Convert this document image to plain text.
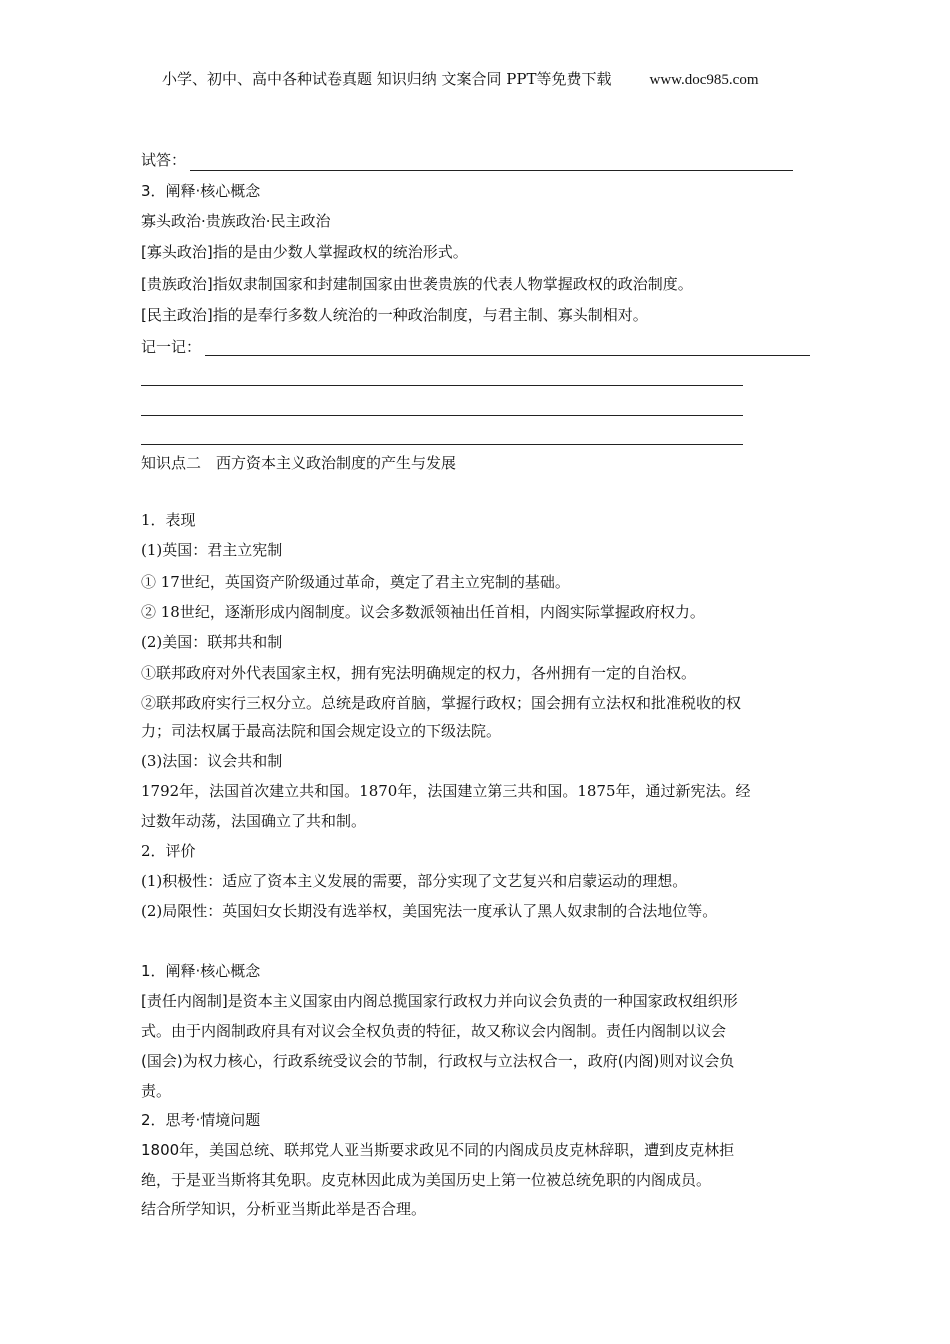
小学、初中、高中各种试卷真题 知识归纳 文案合同 PPT等免费下载	www.doc985.com
试答：
3．阐释·核心概念
寡头政治·贵族政治·民主政治
[寡头政治]指的是由少数人掌握政权的统治形式。
[贵族政治]指奴隶制国家和封建制国家由世袭贵族的代表人物掌握政权的政治制度。
[民主政治]指的是奉行多数人统治的一种政治制度，与君主制、寡头制相对。
记一记：
知识点二　西方资本主义政治制度的产生与发展
1．表现
(1)英国：君主立宪制
① 17世纪，英国资产阶级通过革命，奠定了君主立宪制的基础。
② 18世纪，逐渐形成内阁制度。议会多数派领袖出任首相，内阁实际掌握政府权力。
(2)美国：联邦共和制
①联邦政府对外代表国家主权，拥有宪法明确规定的权力，各州拥有一定的自治权。
②联邦政府实行三权分立。总统是政府首脑，掌握行政权；国会拥有立法权和批准税收的权
力；司法权属于最高法院和国会规定设立的下级法院。
(3)法国：议会共和制
1792年，法国首次建立共和国。1870年，法国建立第三共和国。1875年，通过新宪法。经
过数年动荡，法国确立了共和制。
2．评价
(1)积极性：适应了资本主义发展的需要，部分实现了文艺复兴和启蒙运动的理想。
(2)局限性：英国妇女长期没有选举权，美国宪法一度承认了黑人奴隶制的合法地位等。
1．阐释·核心概念
[责任内阁制]是资本主义国家由内阁总揽国家行政权力并向议会负责的一种国家政权组织形
式。由于内阁制政府具有对议会全权负责的特征，故又称议会内阁制。责任内阁制以议会
(国会)为权力核心，行政系统受议会的节制，行政权与立法权合一，政府(内阁)则对议会负
责。
2．思考·情境问题
1800年，美国总统、联邦党人亚当斯要求政见不同的内阁成员皮克林辞职，遭到皮克林拒
绝，于是亚当斯将其免职。皮克林因此成为美国历史上第一位被总统免职的内阁成员。
结合所学知识，分析亚当斯此举是否合理。
